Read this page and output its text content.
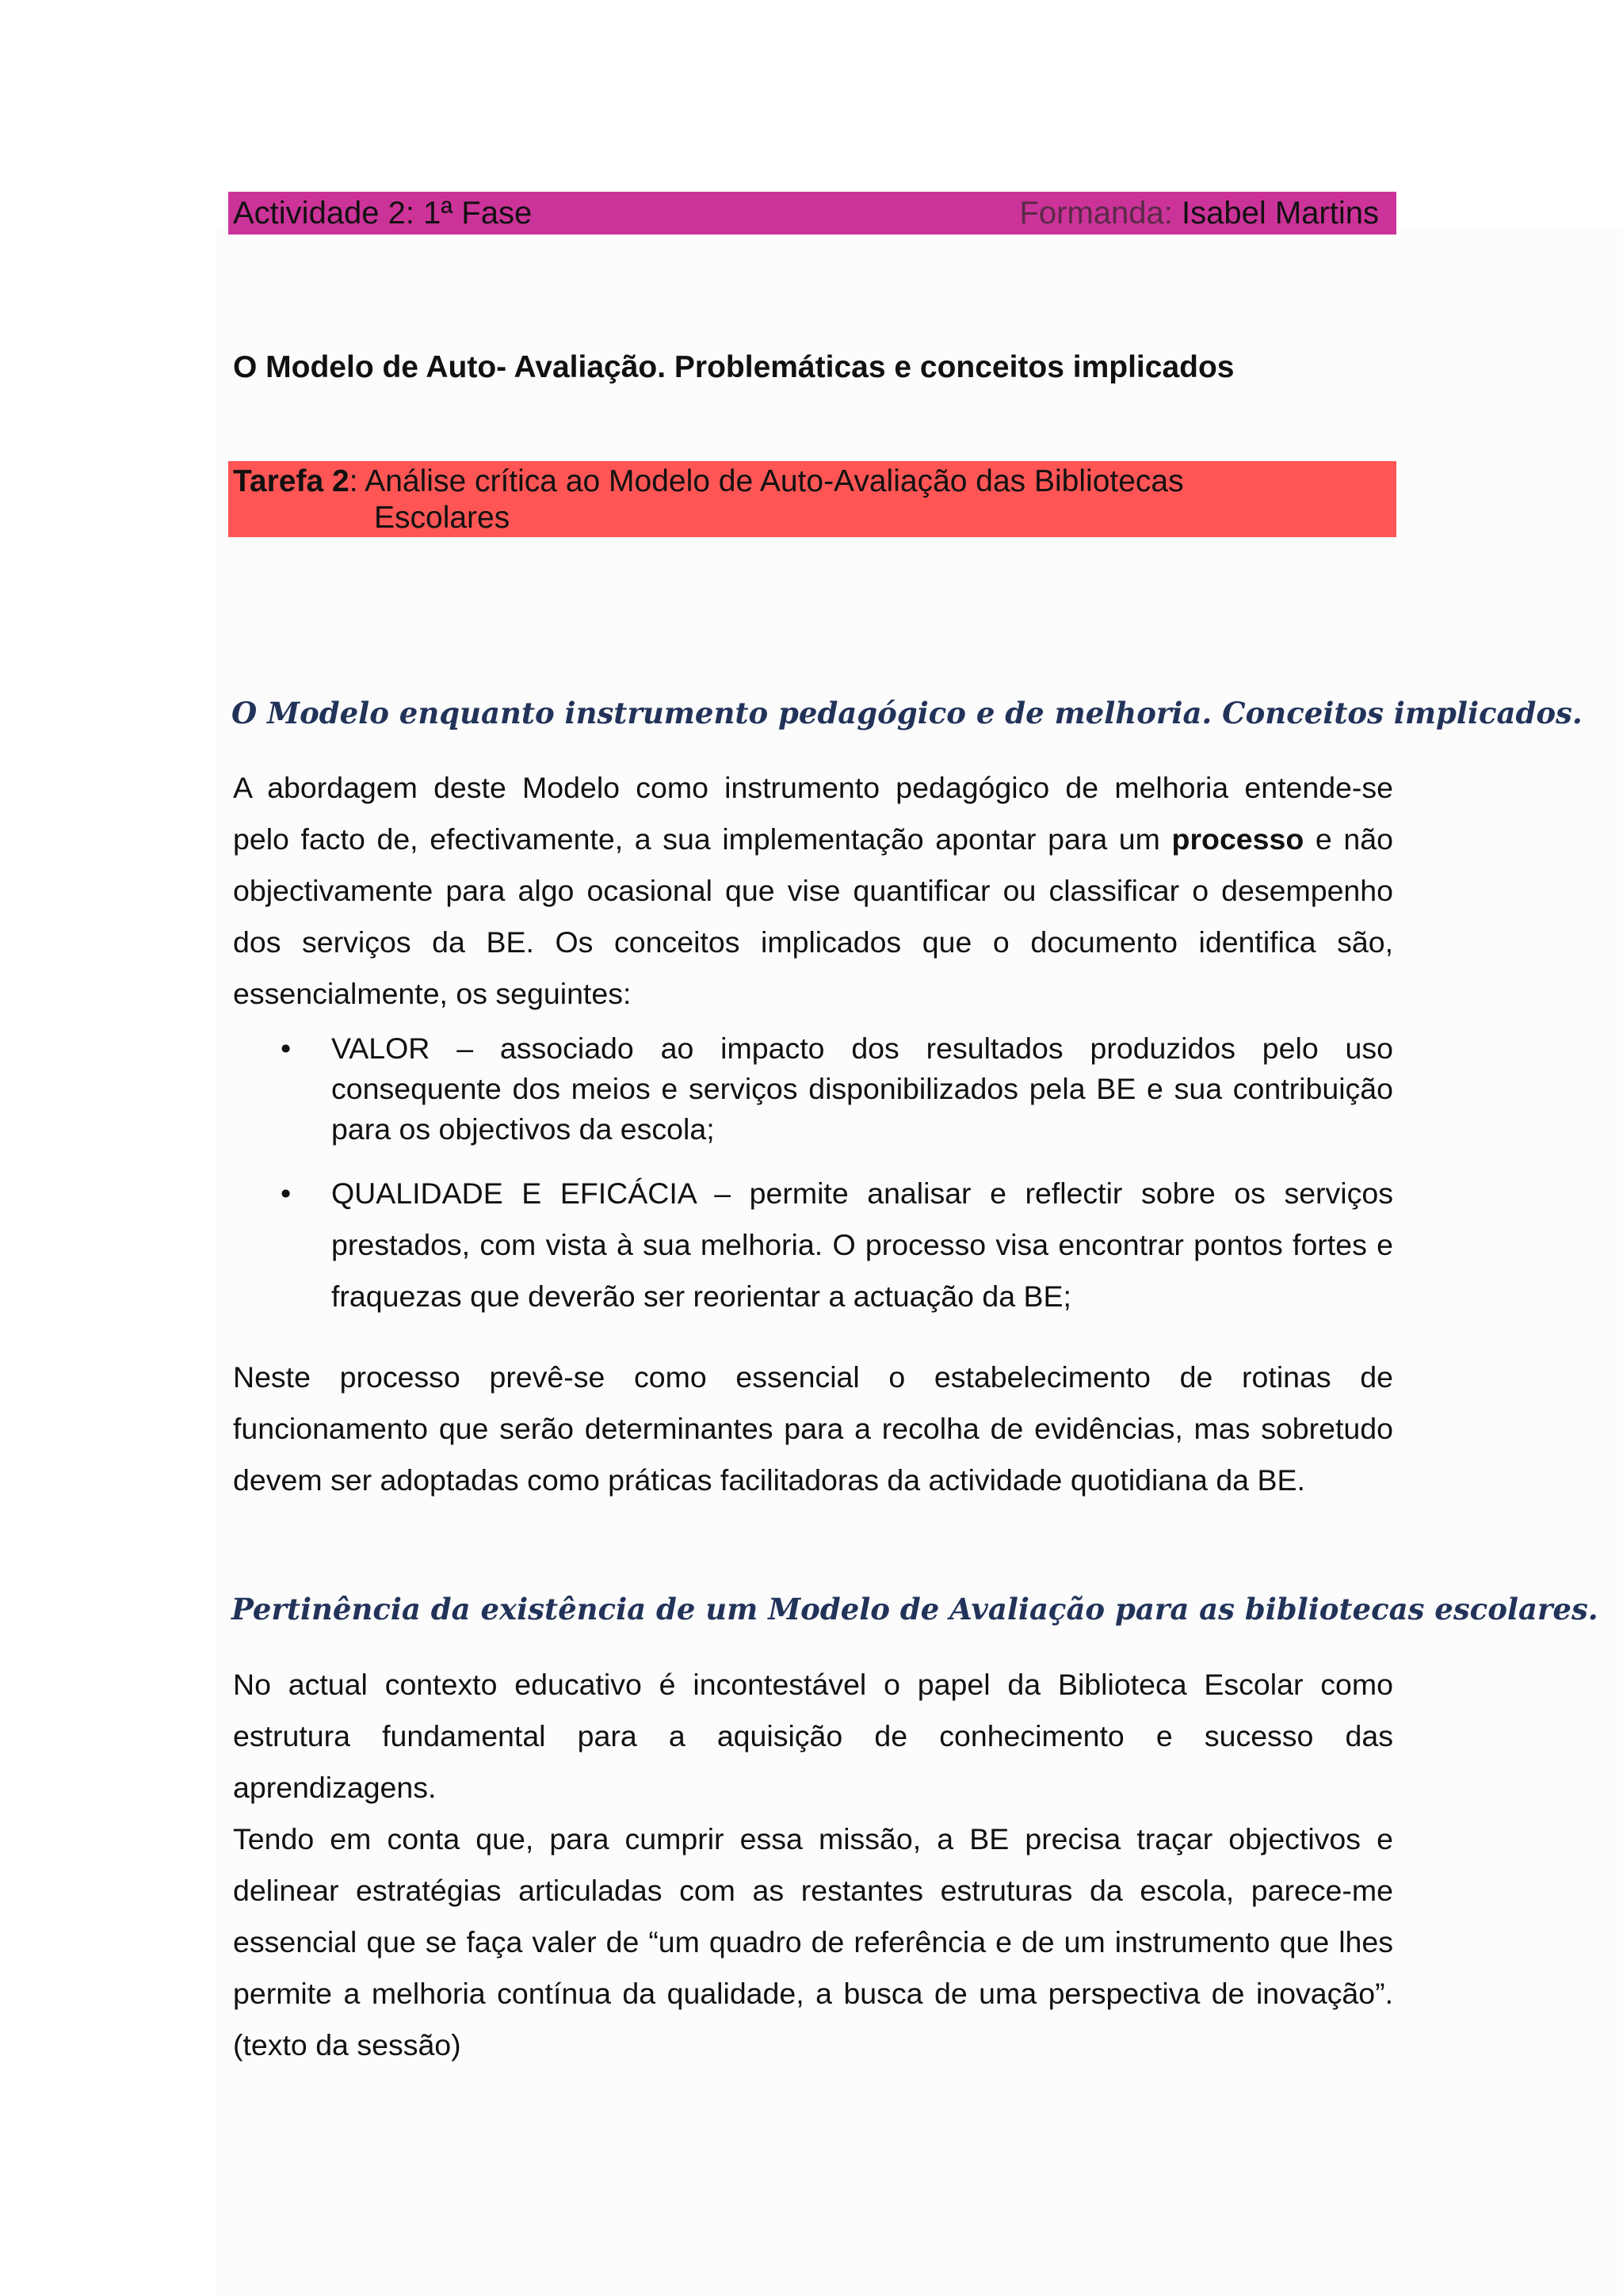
Actividade 2: 1ª Fase	Formanda: Isabel Martins
O Modelo de Auto- Avaliação. Problemáticas e conceitos implicados
Tarefa 2: Análise crítica ao Modelo de Auto-Avaliação das Bibliotecas
Escolares
O Modelo enquanto instrumento pedagógico e de melhoria. Conceitos implicados.
A abordagem deste Modelo como instrumento pedagógico de melhoria entende-se
pelo facto de, efectivamente, a sua implementação apontar para um processo e não
objectivamente para algo ocasional que vise quantificar ou classificar o desempenho
dos serviços da BE. Os conceitos implicados que o documento identifica são,
essencialmente, os seguintes:
• VALOR – associado ao impacto dos resultados produzidos pelo uso
consequente dos meios e serviços disponibilizados pela BE e sua contribuição
para os objectivos da escola;
• QUALIDADE E EFICÁCIA – permite analisar e reflectir sobre os serviços
prestados, com vista à sua melhoria. O processo visa encontrar pontos fortes e
fraquezas que deverão ser reorientar a actuação da BE;
Neste processo prevê-se como essencial o estabelecimento de rotinas de
funcionamento que serão determinantes para a recolha de evidências, mas sobretudo
devem ser adoptadas como práticas facilitadoras da actividade quotidiana da BE.
Pertinência da existência de um Modelo de Avaliação para as bibliotecas escolares.
No actual contexto educativo é incontestável o papel da Biblioteca Escolar como
estrutura fundamental para a aquisição de conhecimento e sucesso das
aprendizagens.
Tendo em conta que, para cumprir essa missão, a BE precisa traçar objectivos e
delinear estratégias articuladas com as restantes estruturas da escola, parece-me
essencial que se faça valer de “um quadro de referência e de um instrumento que lhes
permite a melhoria contínua da qualidade, a busca de uma perspectiva de inovação”.
(texto da sessão)
